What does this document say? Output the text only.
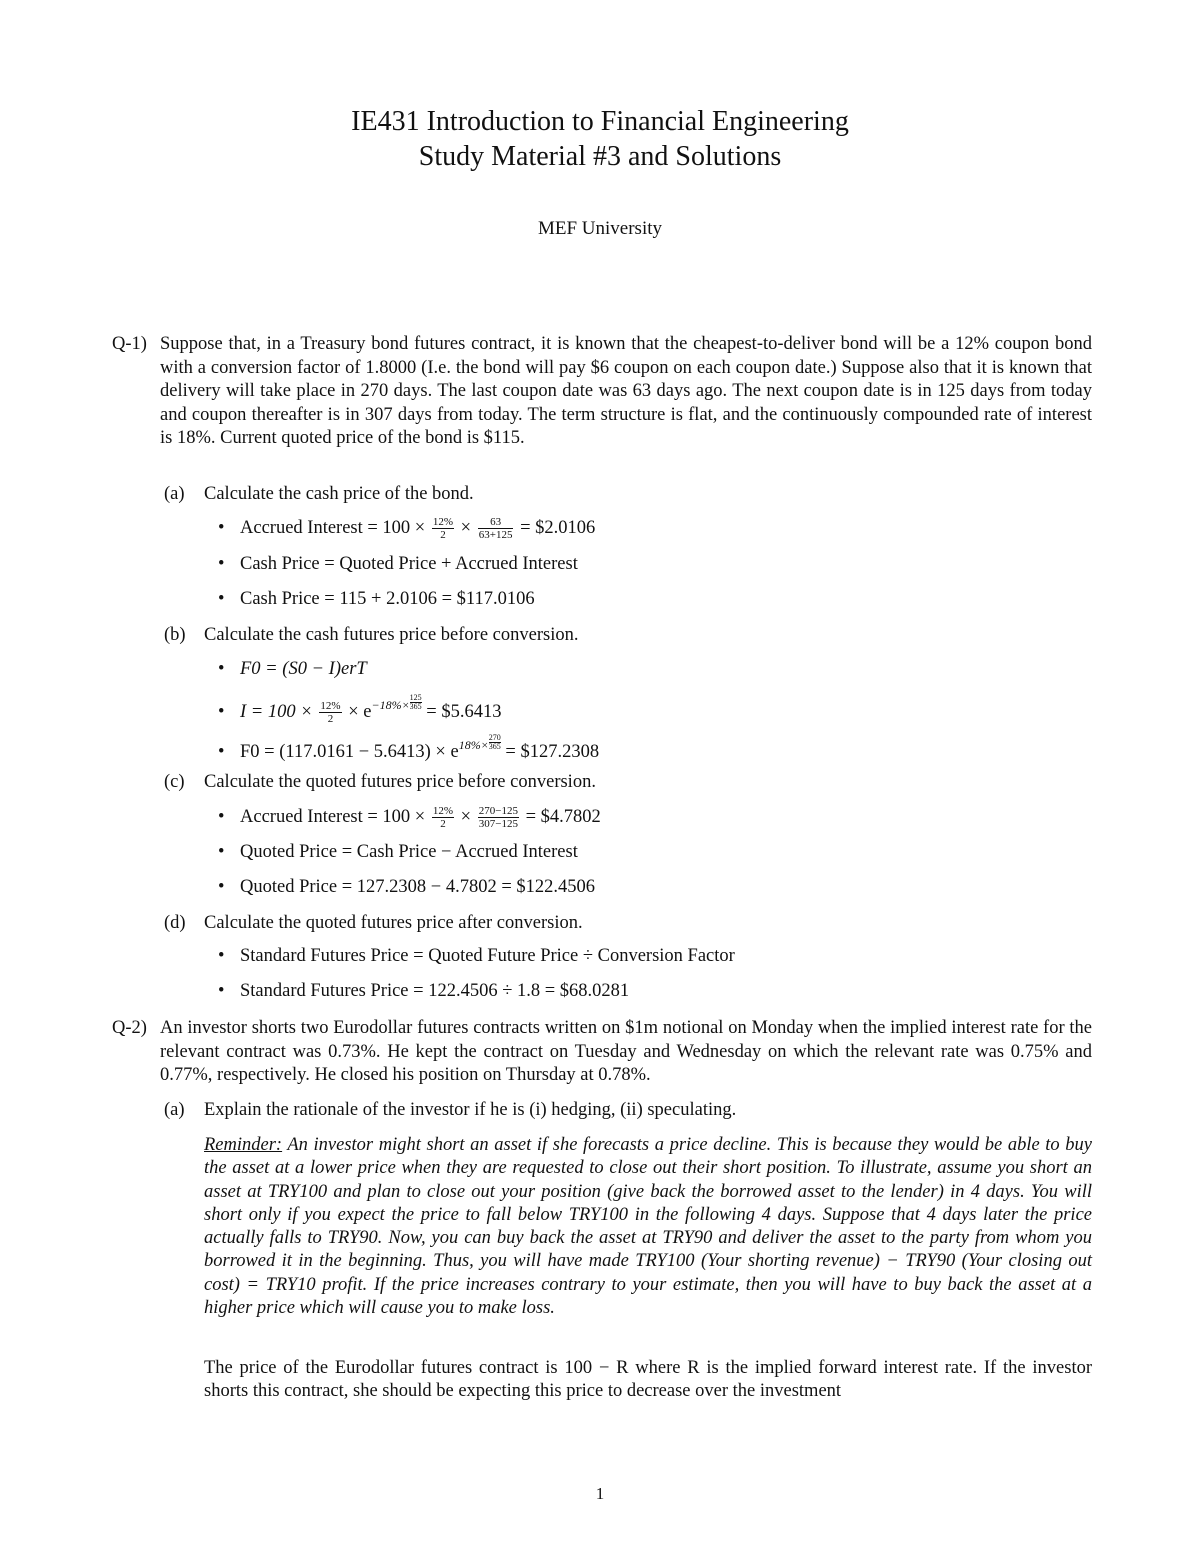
IE431 Introduction to Financial Engineering
Study Material #3 and Solutions
MEF University
Q-1) Suppose that, in a Treasury bond futures contract, it is known that the cheapest-to-deliver bond will be a 12% coupon bond with a conversion factor of 1.8000 (I.e. the bond will pay $6 coupon on each coupon date.) Suppose also that it is known that delivery will take place in 270 days. The last coupon date was 63 days ago. The next coupon date is in 125 days from today and coupon thereafter is in 307 days from today. The term structure is flat, and the continuously compounded rate of interest is 18%. Current quoted price of the bond is $115.
(a) Calculate the cash price of the bond.
• Accrued Interest = $100 \times \frac{12\%}{2} \times \frac{63}{63+125}$ = $2.0106
• Cash Price = Quoted Price + Accrued Interest
• Cash Price = 115 + 2.0106 = $117.0106
(b) Calculate the cash futures price before conversion.
• F0 = (S0 − I)erT
• $I = 100 \times \frac{12\%}{2} \times e^{-18\%\times} \frac{125}{365}$ = $5.6413
• $F0 = (117.0161 - 5.6413) \times e^{18\%\times} \frac{270}{365}$ = $127.2308
(c) Calculate the quoted futures price before conversion.
• Accrued Interest = $100 \times \frac{12\%}{2} \times \frac{270-125}{307-125}$ = $4.7802
• Quoted Price = Cash Price − Accrued Interest
• Quoted Price = 127.2308 − 4.7802 = $122.4506
(d) Calculate the quoted futures price after conversion.
• Standard Futures Price = Quoted Future Price ÷ Conversion Factor
• Standard Futures Price = 122.4506 ÷ 1.8 = $68.0281
Q-2) An investor shorts two Eurodollar futures contracts written on $1m notional on Monday when the implied interest rate for the relevant contract was 0.73%. He kept the contract on Tuesday and Wednesday on which the relevant rate was 0.75% and 0.77%, respectively. He closed his position on Thursday at 0.78%.
(a) Explain the rationale of the investor if he is (i) hedging, (ii) speculating.
Reminder: An investor might short an asset if she forecasts a price decline. This is because they would be able to buy the asset at a lower price when they are requested to close out their short position. To illustrate, assume you short an asset at TRY100 and plan to close out your position (give back the borrowed asset to the lender) in 4 days. You will short only if you expect the price to fall below TRY100 in the following 4 days. Suppose that 4 days later the price actually falls to TRY90. Now, you can buy back the asset at TRY90 and deliver the asset to the party from whom you borrowed it in the beginning. Thus, you will have made TRY100 (Your shorting revenue) − TRY90 (Your closing out cost) = TRY10 profit. If the price increases contrary to your estimate, then you will have to buy back the asset at a higher price which will cause you to make loss.
The price of the Eurodollar futures contract is 100 − R where R is the implied forward interest rate. If the investor shorts this contract, she should be expecting this price to decrease over the investment
1
